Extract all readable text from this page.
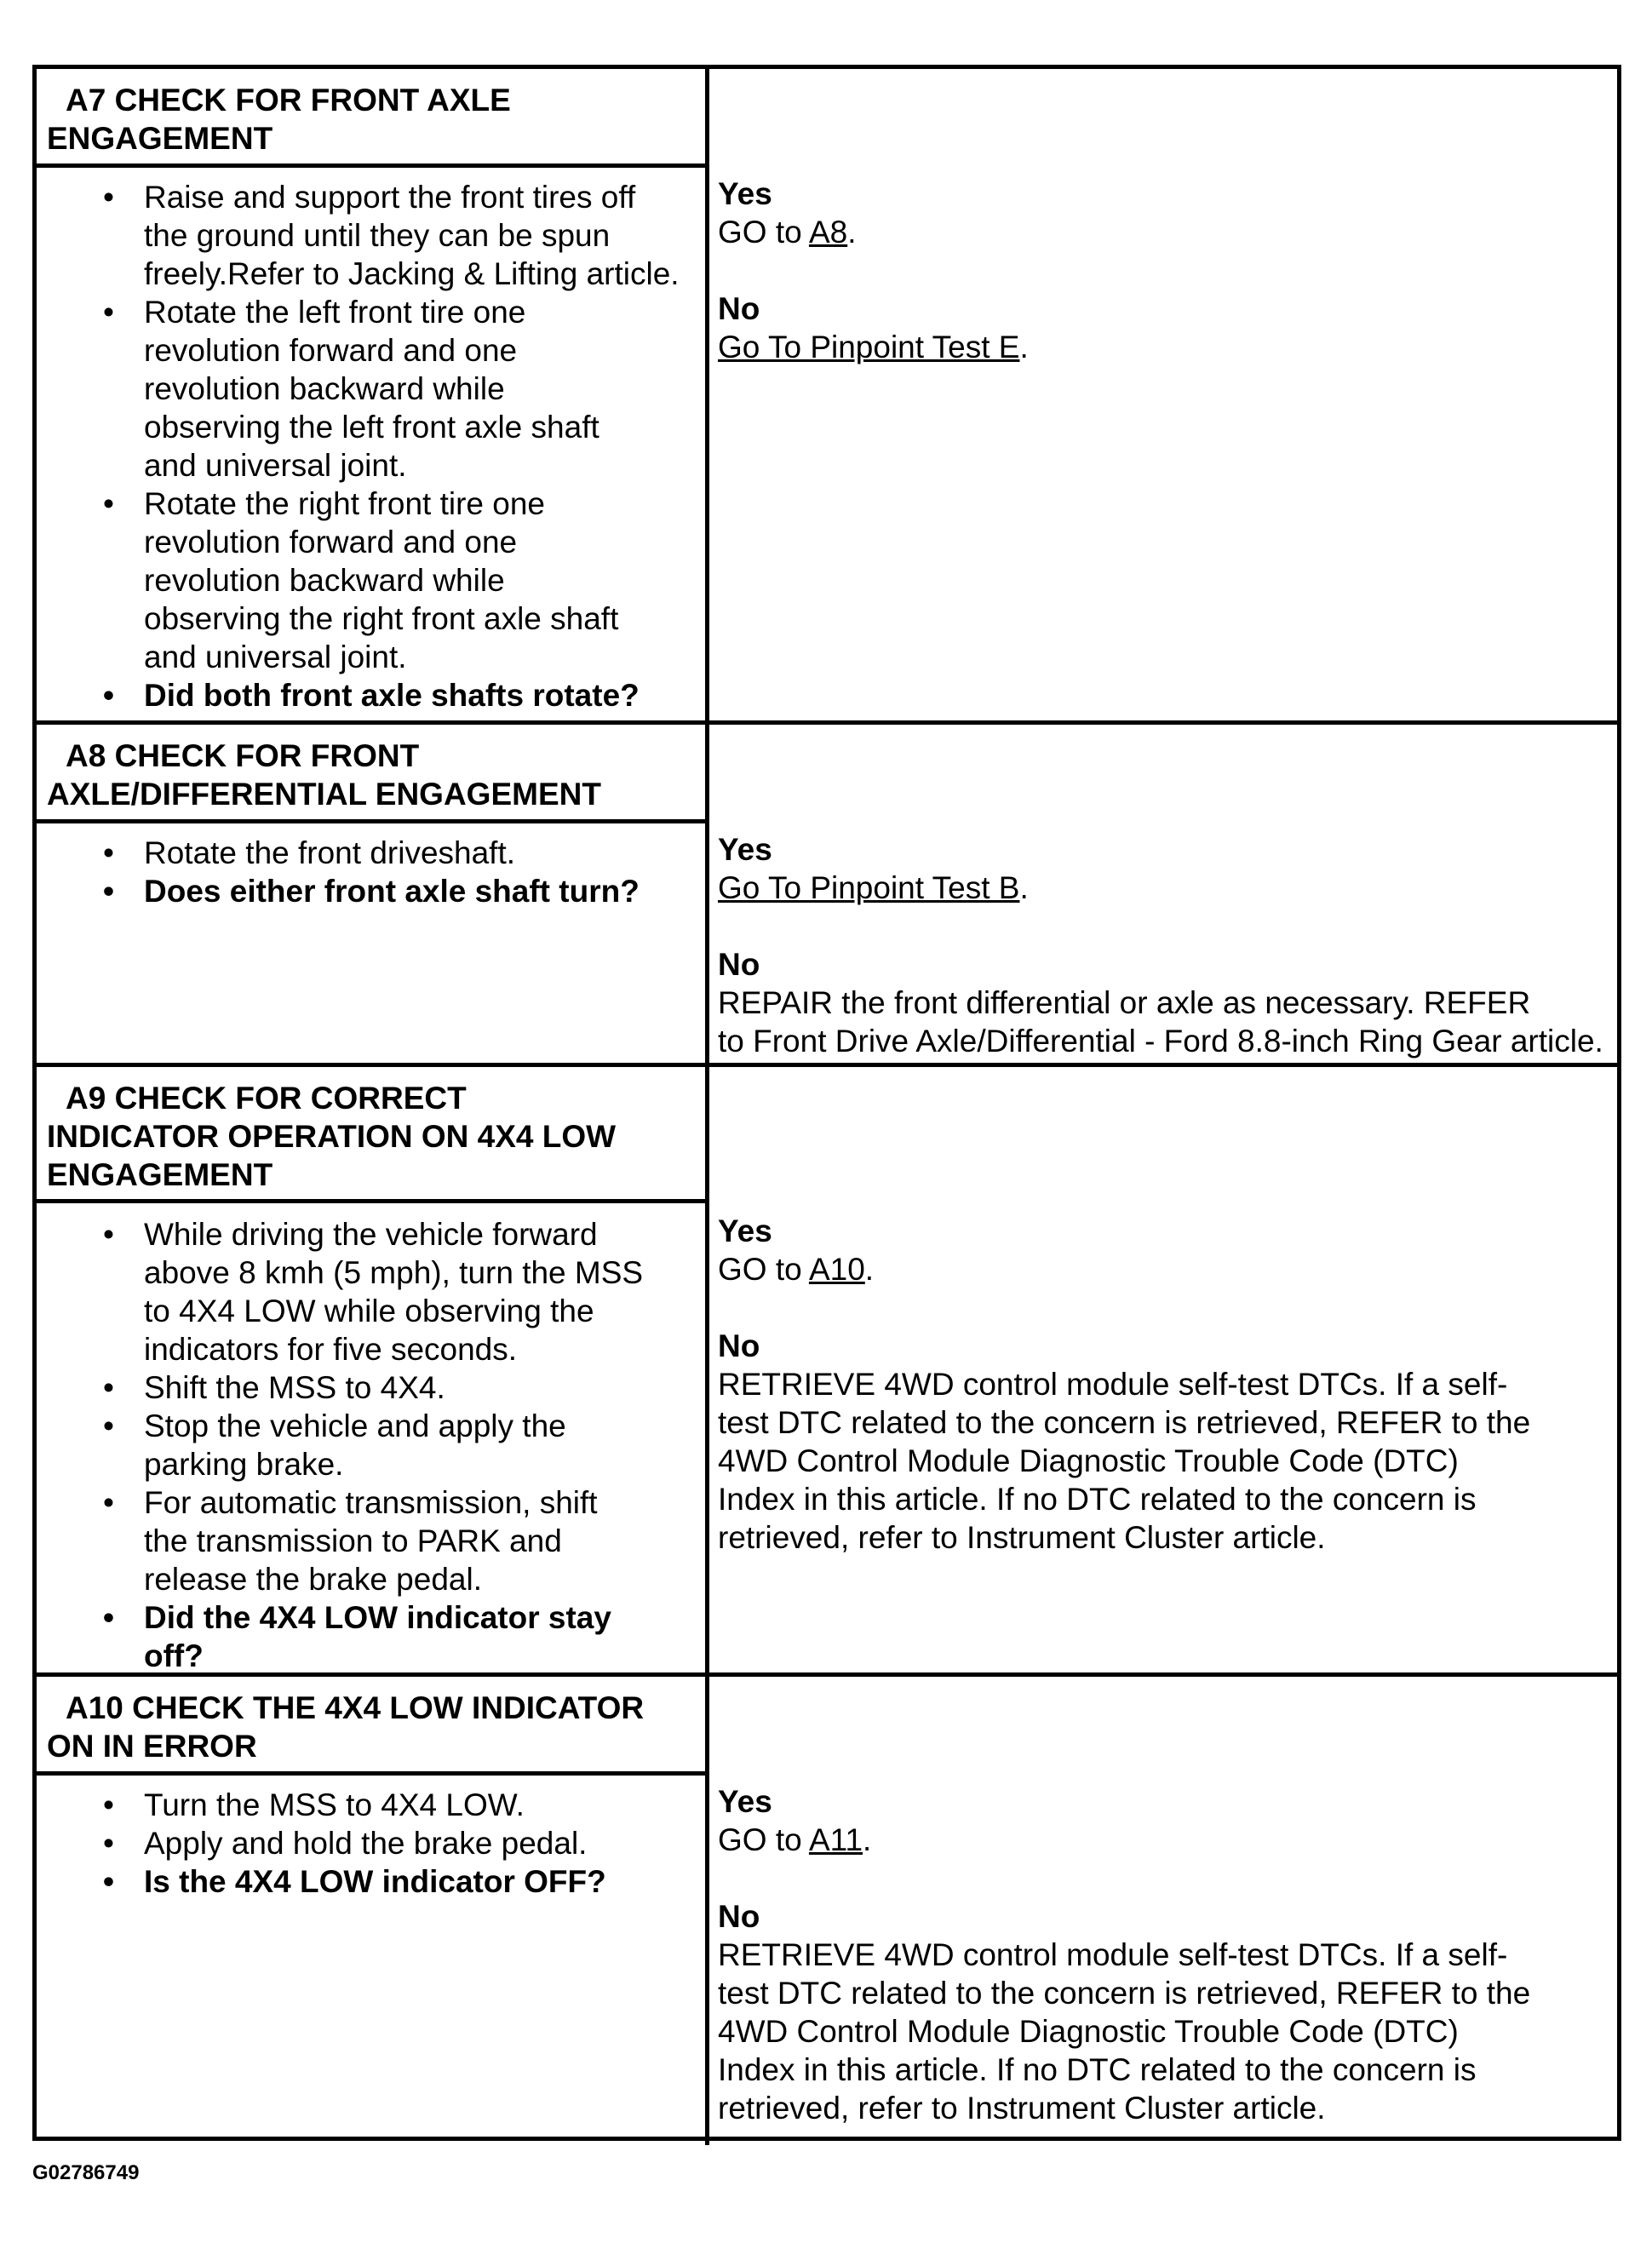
A7 CHECK FOR FRONT AXLE
ENGAGEMENT
• Raise and support the front tires off
the ground until they can be spun
freely.Refer to Jacking & Lifting article.
• Rotate the left front tire one
revolution forward and one
revolution backward while
observing the left front axle shaft
and universal joint.
• Rotate the right front tire one
revolution forward and one
revolution backward while
observing the right front axle shaft
and universal joint.
• Did both front axle shafts rotate?
Yes
GO to A8.
No
Go To Pinpoint Test E.
A8 CHECK FOR FRONT
AXLE/DIFFERENTIAL ENGAGEMENT
• Rotate the front driveshaft.
• Does either front axle shaft turn?
Yes
Go To Pinpoint Test B.
No
REPAIR the front differential or axle as necessary. REFER
to Front Drive Axle/Differential - Ford 8.8-inch Ring Gear article.
A9 CHECK FOR CORRECT
INDICATOR OPERATION ON 4X4 LOW
ENGAGEMENT
• While driving the vehicle forward
above 8 kmh (5 mph), turn the MSS
to 4X4 LOW while observing the
indicators for five seconds.
• Shift the MSS to 4X4.
• Stop the vehicle and apply the
parking brake.
• For automatic transmission, shift
the transmission to PARK and
release the brake pedal.
• Did the 4X4 LOW indicator stay
off?
Yes
GO to A10.
No
RETRIEVE 4WD control module self-test DTCs. If a self-
test DTC related to the concern is retrieved, REFER to the
4WD Control Module Diagnostic Trouble Code (DTC)
Index in this article. If no DTC related to the concern is
retrieved, refer to Instrument Cluster article.
A10 CHECK THE 4X4 LOW INDICATOR
ON IN ERROR
• Turn the MSS to 4X4 LOW.
• Apply and hold the brake pedal.
• Is the 4X4 LOW indicator OFF?
Yes
GO to A11.
No
RETRIEVE 4WD control module self-test DTCs. If a self-
test DTC related to the concern is retrieved, REFER to the
4WD Control Module Diagnostic Trouble Code (DTC)
Index in this article. If no DTC related to the concern is
retrieved, refer to Instrument Cluster article.
G02786749
